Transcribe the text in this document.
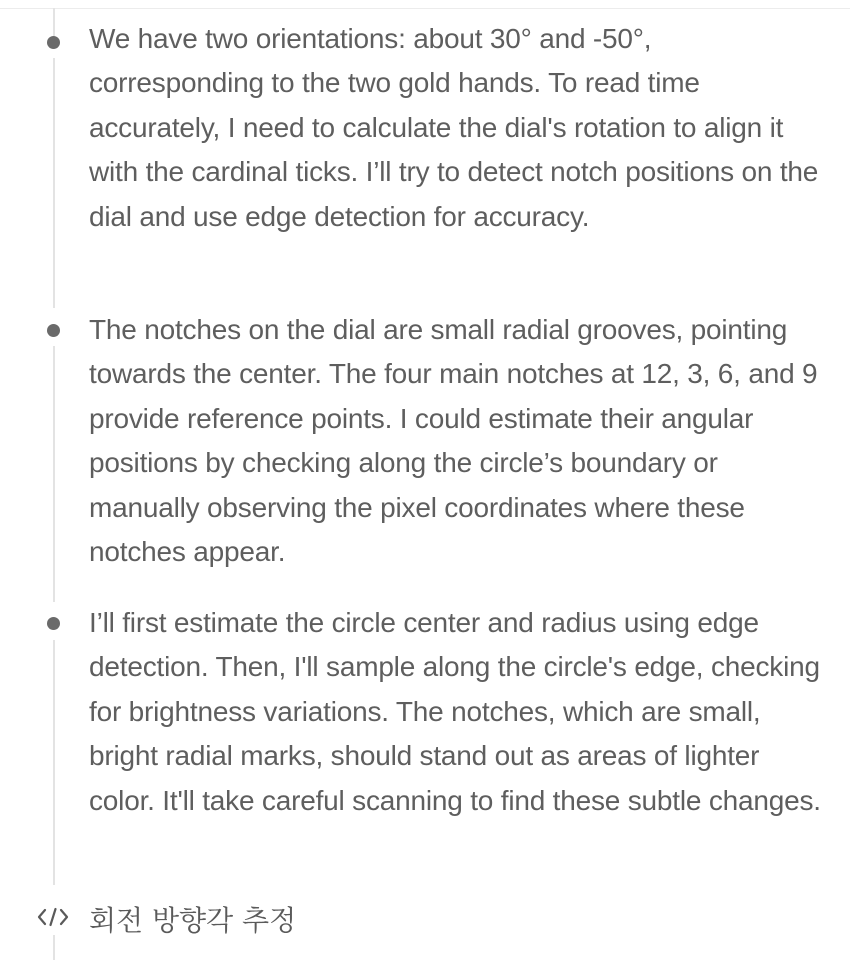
We have two orientations: about 30° and -50°, corresponding to the two gold hands. To read time accurately, I need to calculate the dial's rotation to align it with the cardinal ticks. I’ll try to detect notch positions on the dial and use edge detection for accuracy.

The notches on the dial are small radial grooves, pointing towards the center. The four main notches at 12, 3, 6, and 9 provide reference points. I could estimate their angular positions by checking along the circle’s boundary or manually observing the pixel coordinates where these notches appear.

I’ll first estimate the circle center and radius using edge detection. Then, I'll sample along the circle's edge, checking for brightness variations. The notches, which are small, bright radial marks, should stand out as areas of lighter color. It'll take careful scanning to find these subtle changes.

회전 방향각 추정
